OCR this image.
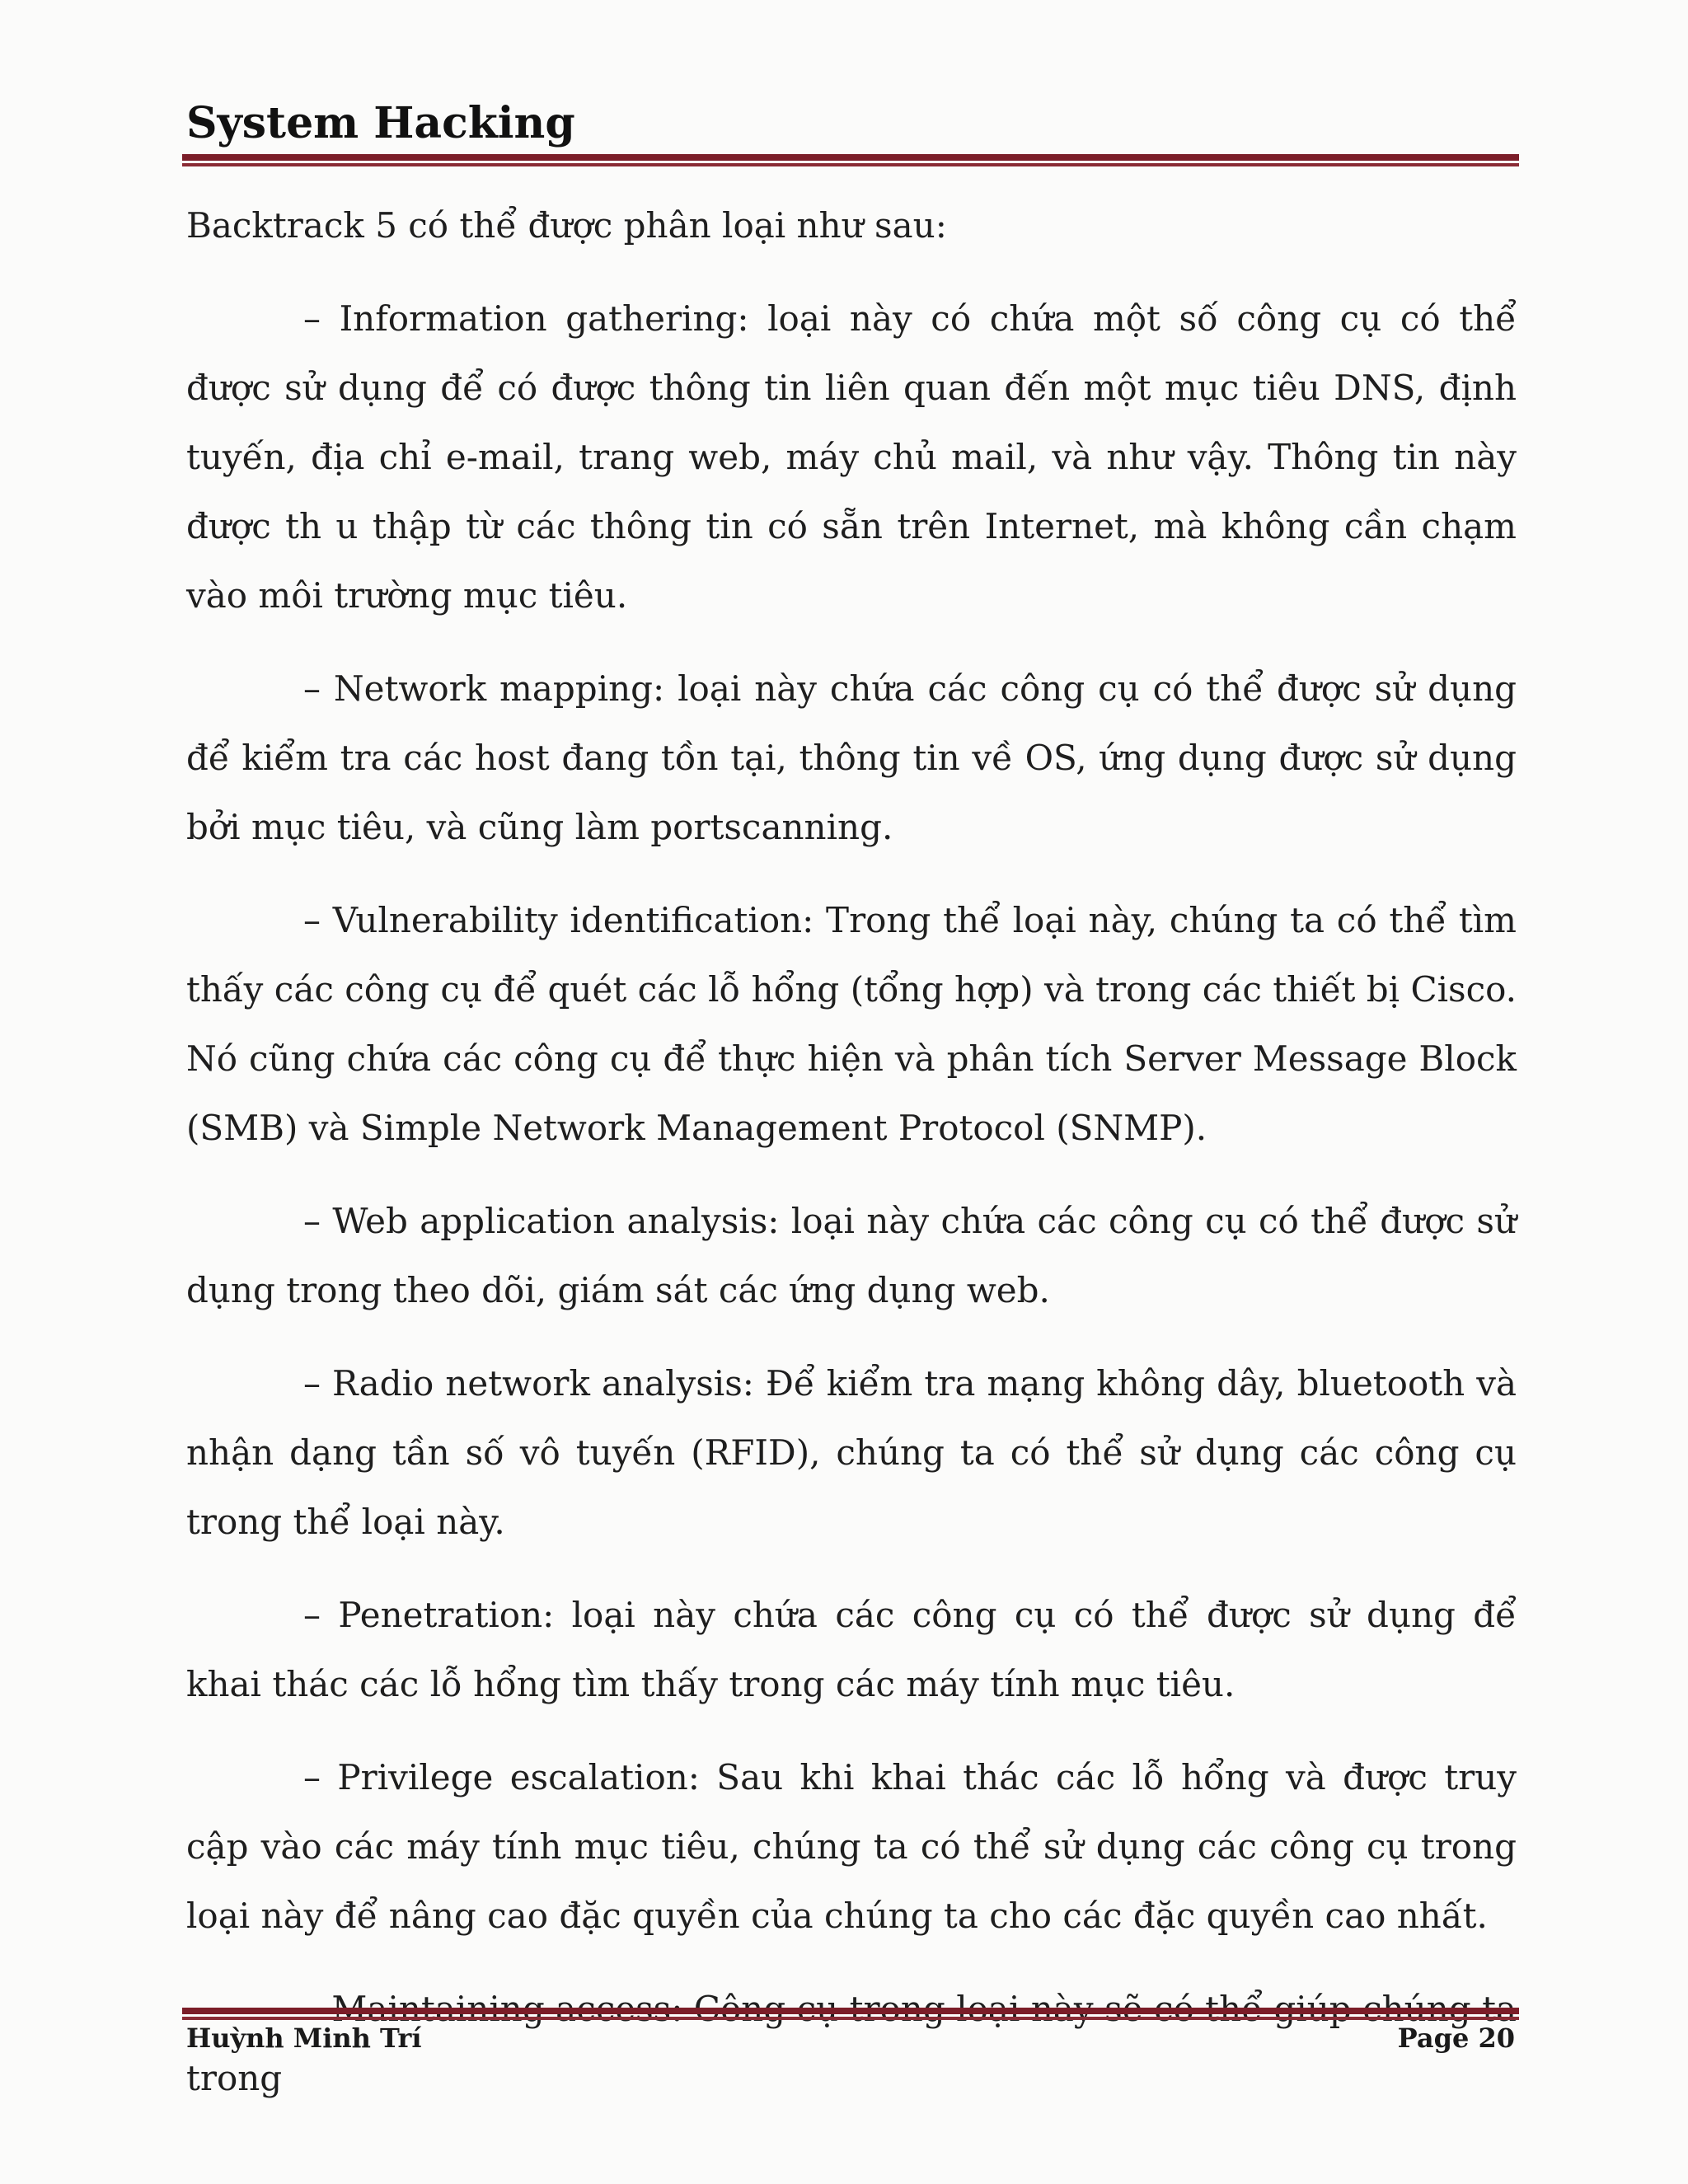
System Hacking

Backtrack 5 có thể được phân loại như sau:

– Information gathering: loại này có chứa một số công cụ có thể được sử dụng để có được thông tin liên quan đến một mục tiêu DNS, định tuyến, địa chỉ e-mail, trang web, máy chủ mail, và như vậy. Thông tin này được th u thập từ các thông tin có sẵn trên Internet, mà không cần chạm vào môi trường mục tiêu.

– Network mapping: loại này chứa các công cụ có thể được sử dụng để kiểm tra các host đang tồn tại, thông tin về OS, ứng dụng được sử dụng bởi mục tiêu, và cũng làm portscanning.

– Vulnerability identification: Trong thể loại này, chúng ta có thể tìm thấy các công cụ để quét các lỗ hổng (tổng hợp) và trong các thiết bị Cisco. Nó cũng chứa các công cụ để thực hiện và phân tích Server Message Block (SMB) và Simple Network Management Protocol (SNMP).

– Web application analysis: loại này chứa các công cụ có thể được sử dụng trong theo dõi, giám sát các ứng dụng web.

– Radio network analysis: Để kiểm tra mạng không dây, bluetooth và nhận dạng tần số vô tuyến (RFID), chúng ta có thể sử dụng các công cụ trong thể loại này.

– Penetration: loại này chứa các công cụ có thể được sử dụng để khai thác các lỗ hổng tìm thấy trong các máy tính mục tiêu.

– Privilege escalation: Sau khi khai thác các lỗ hổng và được truy cập vào các máy tính mục tiêu, chúng ta có thể sử dụng các công cụ trong loại này để nâng cao đặc quyền của chúng ta cho các đặc quyền cao nhất.

trong

Huỳnh Minh Trí	Page 20
